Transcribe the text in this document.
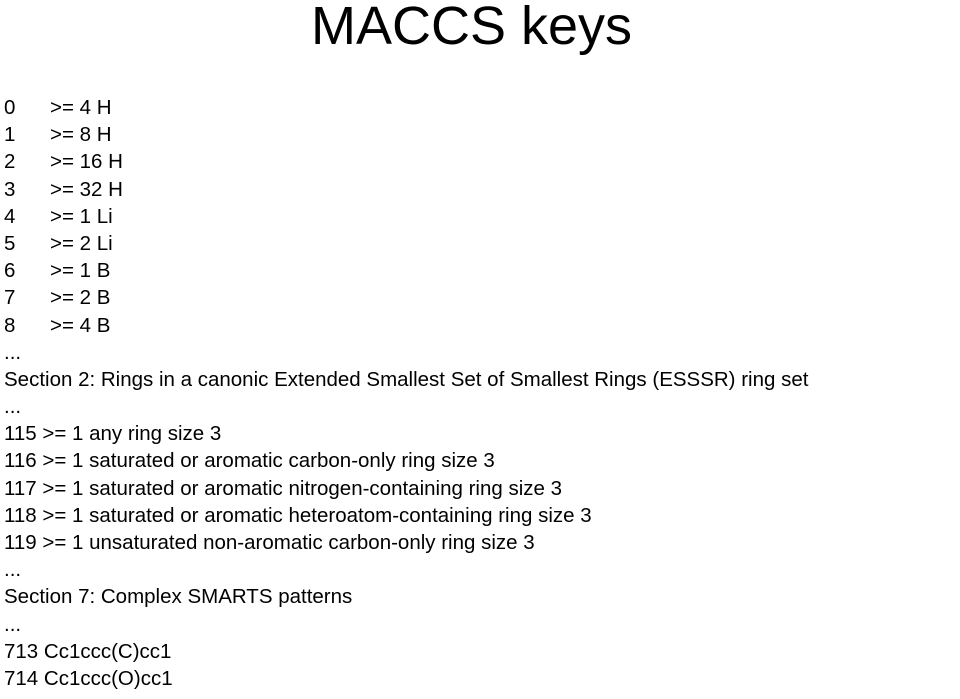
MACCS keys
0 >= 4 H
1 >= 8 H
2 >= 16 H
3 >= 32 H
4 >= 1 Li
5 >= 2 Li
6 >= 1 B
7 >= 2 B
8 >= 4 B
...
Section 2: Rings in a canonic Extended Smallest Set of Smallest Rings (ESSSR) ring set
...
115 >= 1 any ring size 3
116 >= 1 saturated or aromatic carbon-only ring size 3
117 >= 1 saturated or aromatic nitrogen-containing ring size 3
118 >= 1 saturated or aromatic heteroatom-containing ring size 3
119 >= 1 unsaturated non-aromatic carbon-only ring size 3
...
Section 7: Complex SMARTS patterns
...
713 Cc1ccc(C)cc1
714 Cc1ccc(O)cc1
